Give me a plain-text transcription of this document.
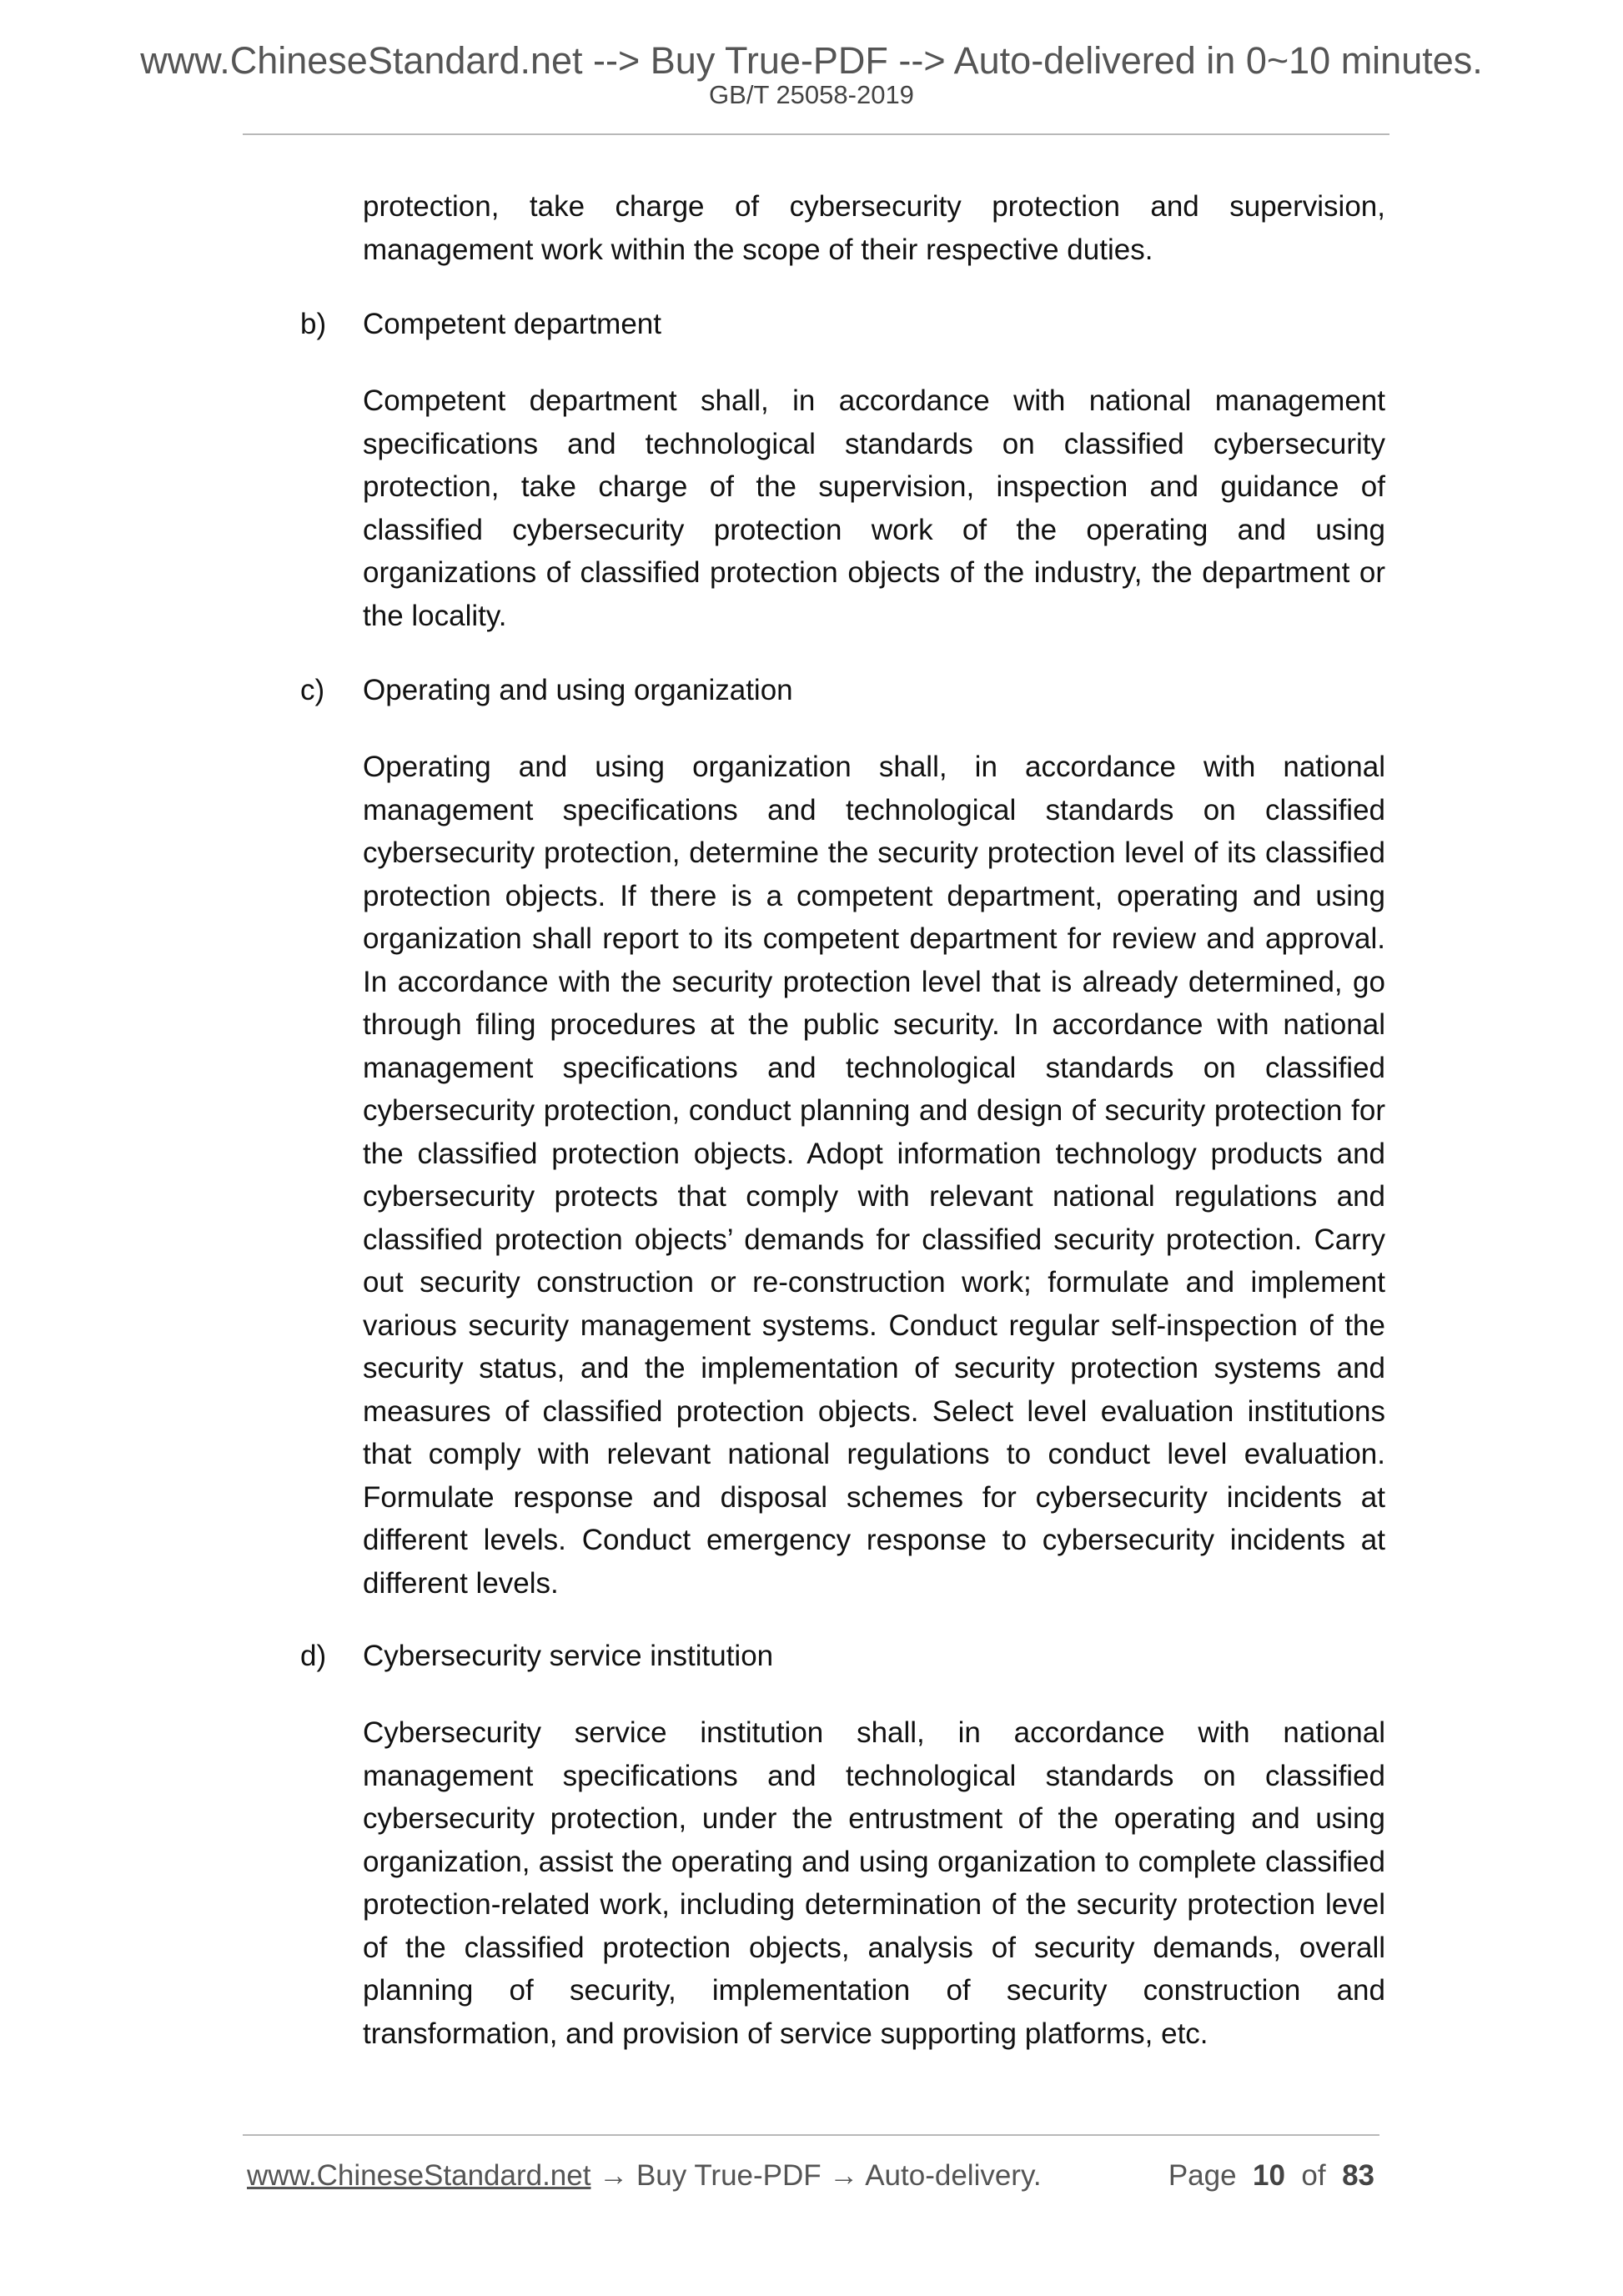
www.ChineseStandard.net --> Buy True-PDF --> Auto-delivered in 0~10 minutes.
GB/T 25058-2019
protection, take charge of cybersecurity protection and supervision, management work within the scope of their respective duties.
b) Competent department
Competent department shall, in accordance with national management specifications and technological standards on classified cybersecurity protection, take charge of the supervision, inspection and guidance of classified cybersecurity protection work of the operating and using organizations of classified protection objects of the industry, the department or the locality.
c) Operating and using organization
Operating and using organization shall, in accordance with national management specifications and technological standards on classified cybersecurity protection, determine the security protection level of its classified protection objects. If there is a competent department, operating and using organization shall report to its competent department for review and approval. In accordance with the security protection level that is already determined, go through filing procedures at the public security. In accordance with national management specifications and technological standards on classified cybersecurity protection, conduct planning and design of security protection for the classified protection objects. Adopt information technology products and cybersecurity protects that comply with relevant national regulations and classified protection objects’ demands for classified security protection. Carry out security construction or re-construction work; formulate and implement various security management systems. Conduct regular self-inspection of the security status, and the implementation of security protection systems and measures of classified protection objects. Select level evaluation institutions that comply with relevant national regulations to conduct level evaluation. Formulate response and disposal schemes for cybersecurity incidents at different levels. Conduct emergency response to cybersecurity incidents at different levels.
d) Cybersecurity service institution
Cybersecurity service institution shall, in accordance with national management specifications and technological standards on classified cybersecurity protection, under the entrustment of the operating and using organization, assist the operating and using organization to complete classified protection-related work, including determination of the security protection level of the classified protection objects, analysis of security demands, overall planning of security, implementation of security construction and transformation, and provision of service supporting platforms, etc.
www.ChineseStandard.net → Buy True-PDF → Auto-delivery.	Page 10 of 83
